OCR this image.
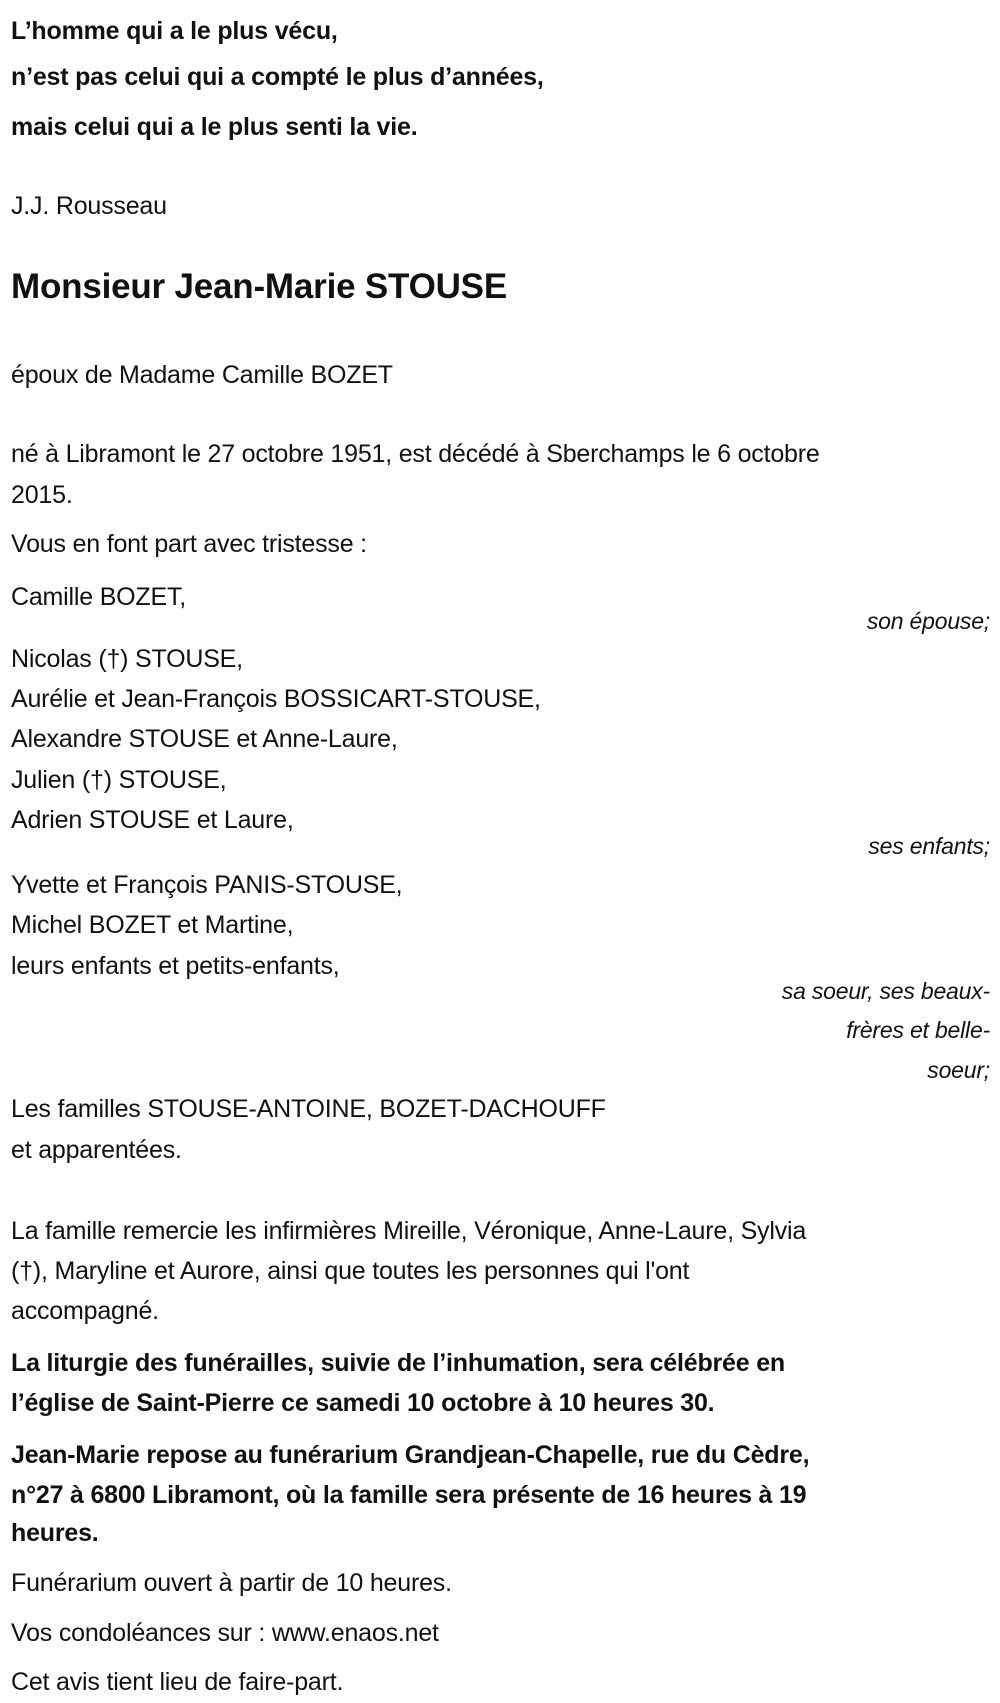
L’homme qui a le plus vécu,
n’est pas celui qui a compté le plus d’années,
mais celui qui a le plus senti la vie.
J.J. Rousseau
Monsieur Jean-Marie STOUSE
époux de Madame Camille BOZET
né à Libramont le 27 octobre 1951, est décédé à Sberchamps le 6 octobre
2015.
Vous en font part avec tristesse :
Camille BOZET,
son épouse;
Nicolas (†) STOUSE,
Aurélie et Jean-François BOSSICART-STOUSE,
Alexandre STOUSE et Anne-Laure,
Julien (†) STOUSE,
Adrien STOUSE et Laure,
ses enfants;
Yvette et François PANIS-STOUSE,
Michel BOZET et Martine,
leurs enfants et petits-enfants,
sa soeur, ses beaux-
frères et belle-
soeur;
Les familles STOUSE-ANTOINE, BOZET-DACHOUFF
et apparentées.
La famille remercie les infirmières Mireille, Véronique, Anne-Laure, Sylvia
(†), Maryline et Aurore, ainsi que toutes les personnes qui l'ont
accompagné.
La liturgie des funérailles, suivie de l’inhumation, sera célébrée en
l’église de Saint-Pierre ce samedi 10 octobre à 10 heures 30.
Jean-Marie repose au funérarium Grandjean-Chapelle, rue du Cèdre,
n°27 à 6800 Libramont, où la famille sera présente de 16 heures à 19
heures.
Funérarium ouvert à partir de 10 heures.
Vos condoléances sur : www.enaos.net
Cet avis tient lieu de faire-part.
